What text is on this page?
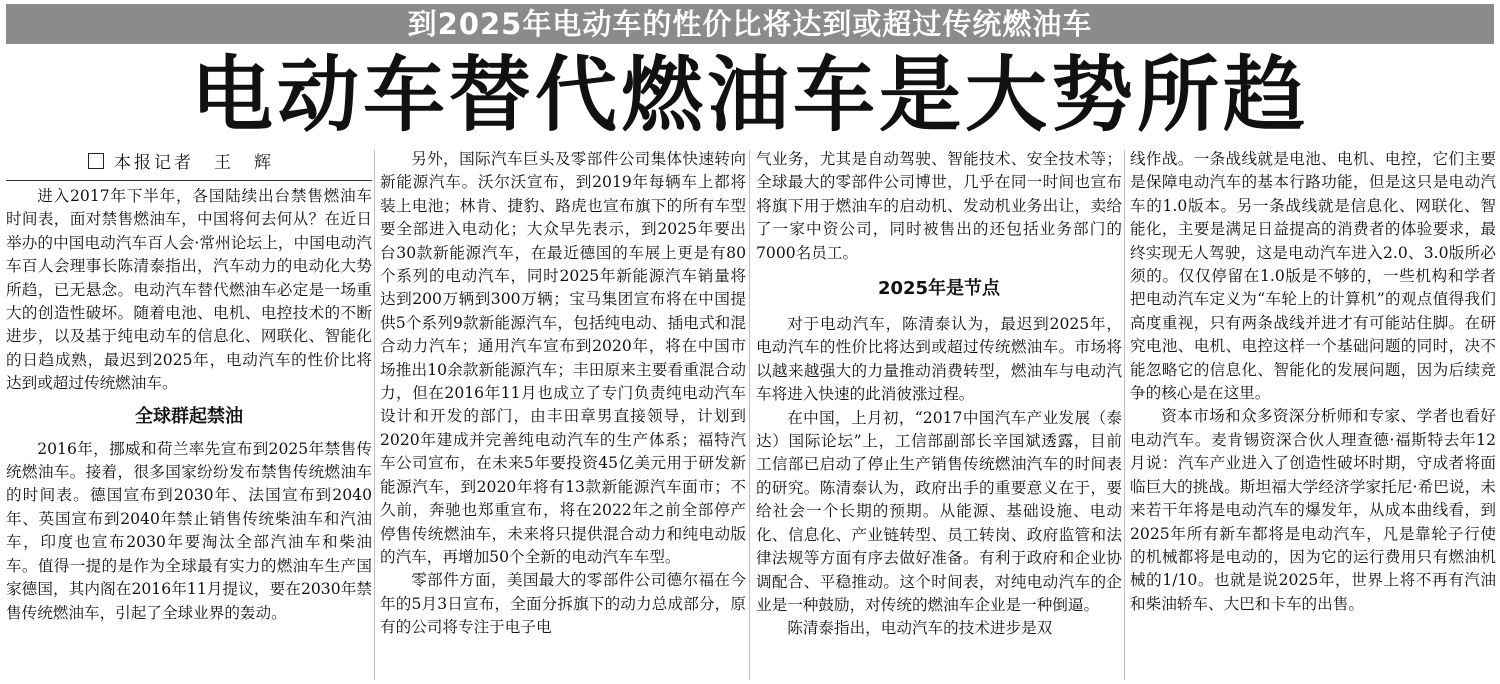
到2025年电动车的性价比将达到或超过传统燃油车
电动车替代燃油车是大势所趋
本报记者　王　辉

进入2017年下半年，各国陆续出台禁售燃油车时间表，面对禁售燃油车，中国将何去何从？在近日举办的中国电动汽车百人会·常州论坛上，中国电动汽车百人会理事长陈清泰指出，汽车动力的电动化大势所趋，已无悬念。电动汽车替代燃油车必定是一场重大的创造性破坏。随着电池、电机、电控技术的不断进步，以及基于纯电动车的信息化、网联化、智能化的日趋成熟，最迟到2025年，电动汽车的性价比将达到或超过传统燃油车。

全球群起禁油

2016年，挪威和荷兰率先宣布到2025年禁售传统燃油车。接着，很多国家纷纷发布禁售传统燃油车的时间表。德国宣布到2030年、法国宣布到2040年、英国宣布到2040年禁止销售传统柴油车和汽油车，印度也宣布2030年要淘汰全部汽油车和柴油车。值得一提的是作为全球最有实力的燃油车生产国家德国，其内阁在2016年11月提议，要在2030年禁售传统燃油车，引起了全球业界的轰动。

另外，国际汽车巨头及零部件公司集体快速转向新能源汽车。沃尔沃宣布，到2019年每辆车上都将装上电池；林肯、捷豹、路虎也宣布旗下的所有车型要全部进入电动化；大众早先表示，到2025年要出台30款新能源汽车，在最近德国的车展上更是有80个系列的电动汽车，同时2025年新能源汽车销量将达到200万辆到300万辆；宝马集团宣布将在中国提供5个系列9款新能源汽车，包括纯电动、插电式和混合动力汽车；通用汽车宣布到2020年，将在中国市场推出10余款新能源汽车；丰田原来主要看重混合动力，但在2016年11月也成立了专门负责纯电动汽车设计和开发的部门，由丰田章男直接领导，计划到2020年建成并完善纯电动汽车的生产体系；福特汽车公司宣布，在未来5年要投资45亿美元用于研发新能源汽车，到2020年将有13款新能源汽车面市；不久前，奔驰也郑重宣布，将在2022年之前全部停产停售传统燃油车，未来将只提供混合动力和纯电动版的汽车，再增加50个全新的电动汽车车型。

零部件方面，美国最大的零部件公司德尔福在今年的5月3日宣布，全面分拆旗下的动力总成部分，原有的公司将专注于电子电

气业务，尤其是自动驾驶、智能技术、安全技术等；全球最大的零部件公司博世，几乎在同一时间也宣布将旗下用于燃油车的启动机、发动机业务出让，卖给了一家中资公司，同时被售出的还包括业务部门的7000名员工。

2025年是节点

对于电动汽车，陈清泰认为，最迟到2025年，电动汽车的性价比将达到或超过传统燃油车。市场将以越来越强大的力量推动消费转型，燃油车与电动汽车将进入快速的此消彼涨过程。

在中国，上月初，“2017中国汽车产业发展（泰达）国际论坛”上，工信部副部长辛国斌透露，目前工信部已启动了停止生产销售传统燃油汽车的时间表的研究。陈清泰认为，政府出手的重要意义在于，要给社会一个长期的预期。从能源、基础设施、电动化、信息化、产业链转型、员工转岗、政府监管和法律法规等方面有序去做好准备。有利于政府和企业协调配合、平稳推动。这个时间表，对纯电动汽车的企业是一种鼓励，对传统的燃油车企业是一种倒逼。

陈清泰指出，电动汽车的技术进步是双

线作战。一条战线就是电池、电机、电控，它们主要是保障电动汽车的基本行路功能，但是这只是电动汽车的1.0版本。另一条战线就是信息化、网联化、智能化，主要是满足日益提高的消费者的体验要求，最终实现无人驾驶，这是电动汽车进入2.0、3.0版所必须的。仅仅停留在1.0版是不够的，一些机构和学者把电动汽车定义为“车轮上的计算机”的观点值得我们高度重视，只有两条战线并进才有可能站住脚。在研究电池、电机、电控这样一个基础问题的同时，决不能忽略它的信息化、智能化的发展问题，因为后续竞争的核心是在这里。

资本市场和众多资深分析师和专家、学者也看好电动汽车。麦肯锡资深合伙人理查德·福斯特去年12月说：汽车产业进入了创造性破坏时期，守成者将面临巨大的挑战。斯坦福大学经济学家托尼·希巴说，未来若干年将是电动汽车的爆发年，从成本曲线看，到2025年所有新车都将是电动汽车，凡是靠轮子行使的机械都将是电动的，因为它的运行费用只有燃油机械的1/10。也就是说2025年，世界上将不再有汽油和柴油轿车、大巴和卡车的出售。
